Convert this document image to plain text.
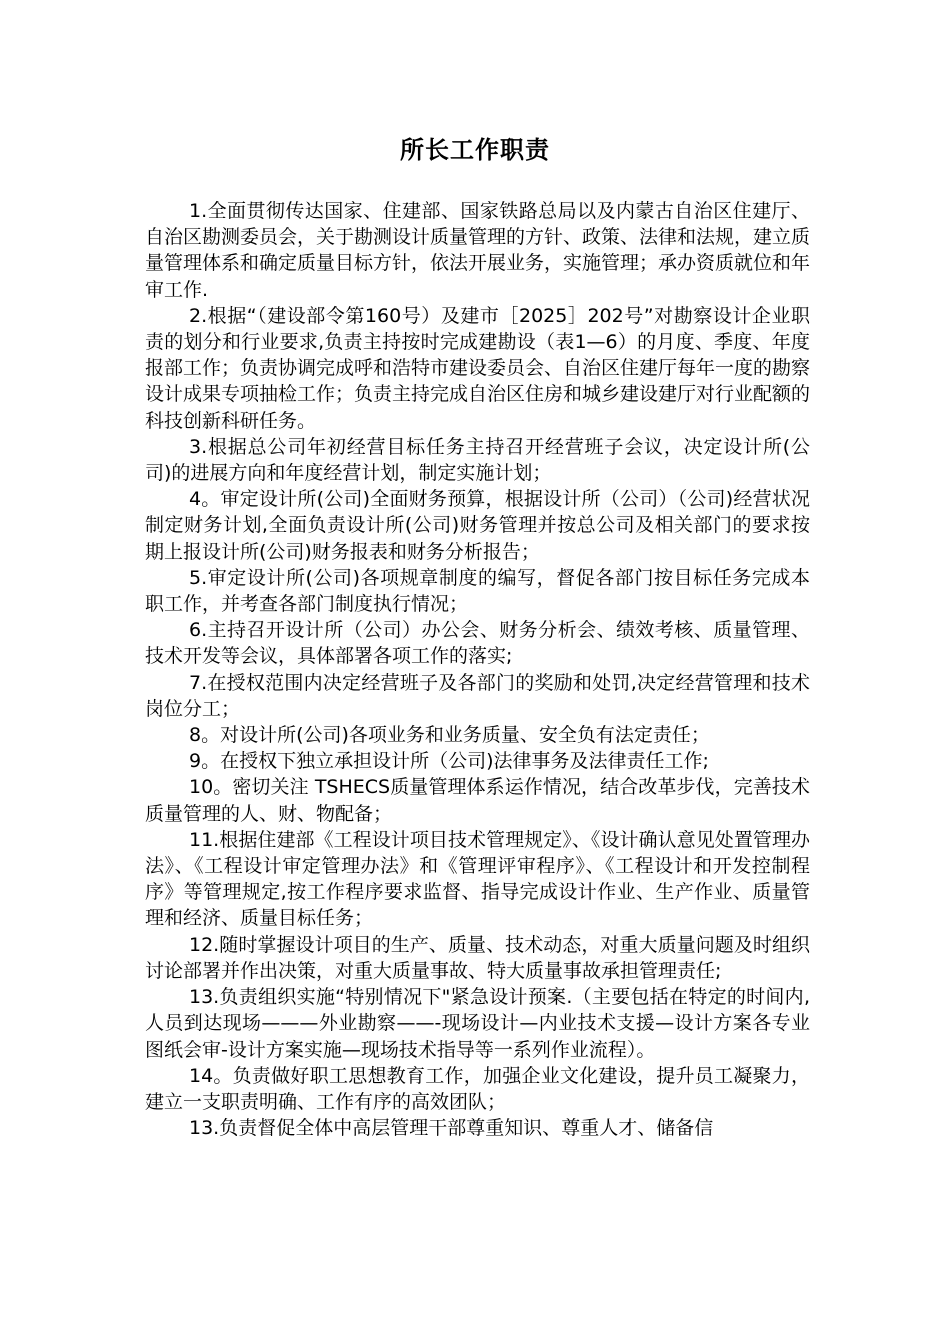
所长工作职责

1.全面贯彻传达国家、住建部、国家铁路总局以及内蒙古自治区住建厅、自治区勘测委员会，关于勘测设计质量管理的方针、政策、法律和法规，建立质量管理体系和确定质量目标方针，依法开展业务，实施管理；承办资质就位和年审工作.

2.根据“（建设部令第160号）及建市［2025］202号”对勘察设计企业职责的划分和行业要求,负责主持按时完成建勘设（表1—6）的月度、季度、年度报部工作；负责协调完成呼和浩特市建设委员会、自治区住建厅每年一度的勘察设计成果专项抽检工作；负责主持完成自治区住房和城乡建设建厅对行业配额的科技创新科研任务。

3.根据总公司年初经营目标任务主持召开经营班子会议，决定设计所(公司)的进展方向和年度经营计划，制定实施计划；

4。审定设计所(公司)全面财务预算，根据设计所（公司）（公司)经营状况制定财务计划,全面负责设计所(公司)财务管理并按总公司及相关部门的要求按期上报设计所(公司)财务报表和财务分析报告；

5.审定设计所(公司)各项规章制度的编写，督促各部门按目标任务完成本职工作，并考查各部门制度执行情况；

6.主持召开设计所（公司）办公会、财务分析会、绩效考核、质量管理、技术开发等会议，具体部署各项工作的落实;

7.在授权范围内决定经营班子及各部门的奖励和处罚,决定经营管理和技术岗位分工；

8。对设计所(公司)各项业务和业务质量、安全负有法定责任；

9。在授权下独立承担设计所（公司)法律事务及法律责任工作;

10。密切关注 TSHECS质量管理体系运作情况，结合改革步伐，完善技术质量管理的人、财、物配备；

11.根据住建部《工程设计项目技术管理规定》、《设计确认意见处置管理办法》、《工程设计审定管理办法》和《管理评审程序》、《工程设计和开发控制程序》等管理规定,按工作程序要求监督、指导完成设计作业、生产作业、质量管理和经济、质量目标任务；

12.随时掌握设计项目的生产、质量、技术动态，对重大质量问题及时组织讨论部署并作出决策，对重大质量事故、特大质量事故承担管理责任;

13.负责组织实施“特别情况下"紧急设计预案.（主要包括在特定的时间内,人员到达现场———外业勘察——-现场设计—内业技术支援—设计方案各专业图纸会审-设计方案实施—现场技术指导等一系列作业流程）。

14。负责做好职工思想教育工作，加强企业文化建设，提升员工凝聚力，建立一支职责明确、工作有序的高效团队；

13.负责督促全体中高层管理干部尊重知识、尊重人才、储备信
